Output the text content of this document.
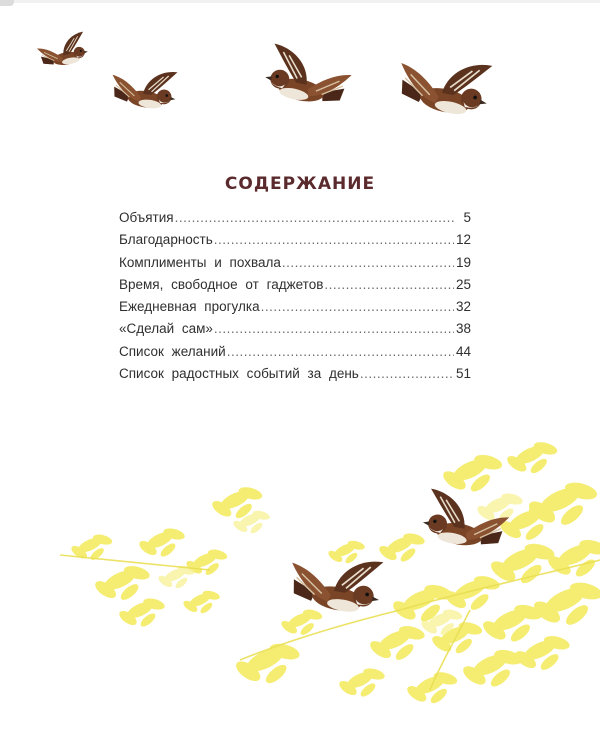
СОДЕРЖАНИЕ
Объятия .....	5
Благодарность .....	12
Комплименты и похвала .....	19
Время, свободное от гаджетов .....	25
Ежедневная прогулка .....	32
«Сделай сам» .....	38
Список желаний .....	44
Список радостных событий за день .....	51
